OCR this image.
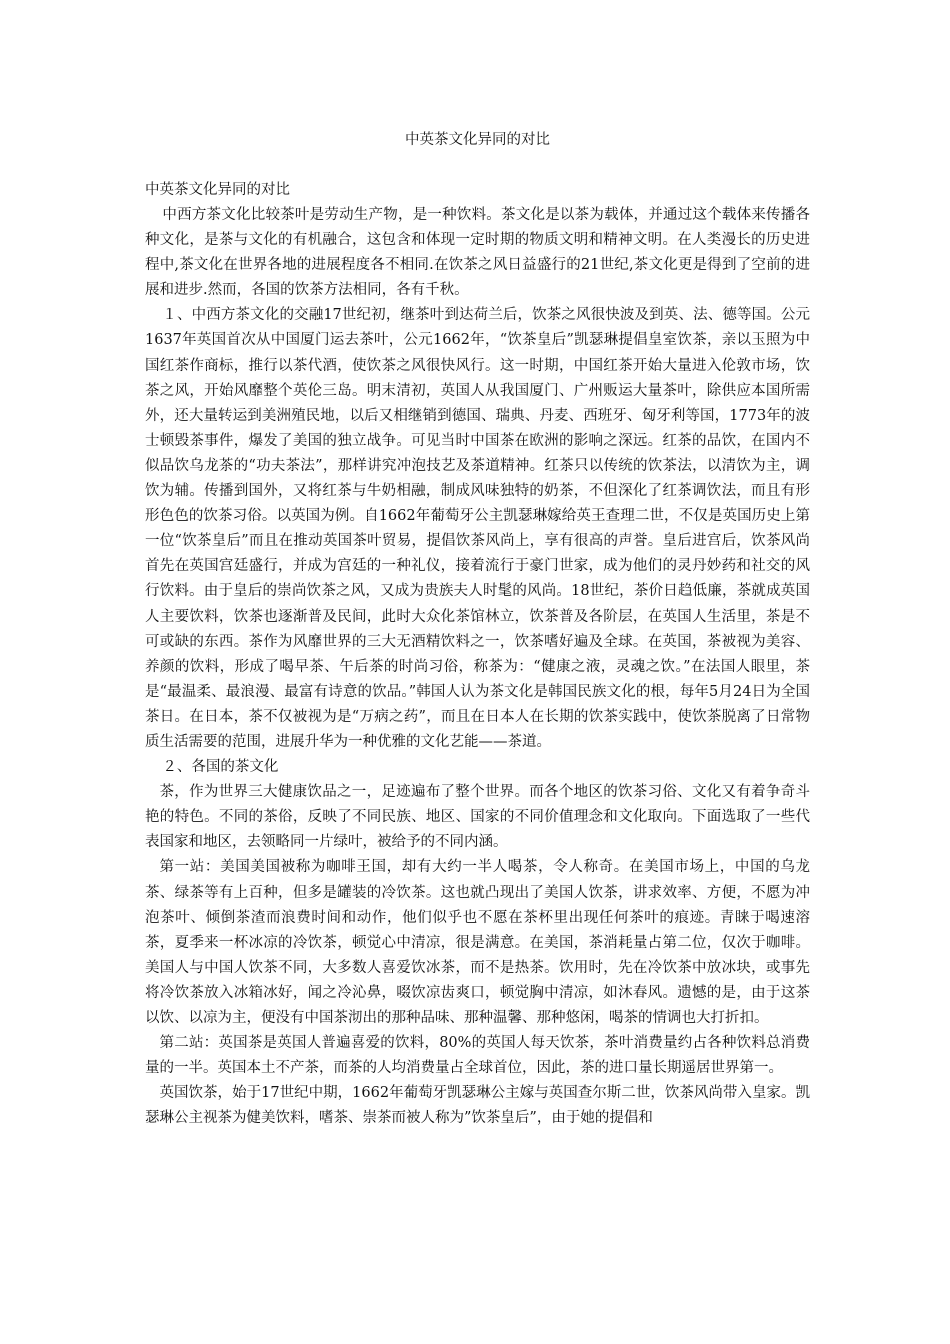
中英茶文化异同的对比
中英茶文化异同的对比

中西方茶文化比较茶叶是劳动生产物，是一种饮料。茶文化是以茶为载体，并通过这个载体来传播各种文化，是茶与文化的有机融合，这包含和体现一定时期的物质文明和精神文明。在人类漫长的历史进程中,茶文化在世界各地的进展程度各不相同.在饮茶之风日益盛行的21世纪,茶文化更是得到了空前的进展和进步.然而，各国的饮茶方法相同，各有千秋。

１、中西方茶文化的交融17世纪初，继茶叶到达荷兰后，饮茶之风很快波及到英、法、德等国。公元1637年英国首次从中国厦门运去茶叶，公元1662年，“饮茶皇后”凯瑟琳提倡皇室饮茶，亲以玉照为中国红茶作商标，推行以茶代酒，使饮茶之风很快风行。这一时期，中国红茶开始大量进入伦敦市场，饮茶之风，开始风靡整个英伦三岛。明末清初，英国人从我国厦门、广州贩运大量茶叶，除供应本国所需外，还大量转运到美洲殖民地，以后又相继销到德国、瑞典、丹麦、西班牙、匈牙利等国，1773年的波士顿毁茶事件，爆发了美国的独立战争。可见当时中国茶在欧洲的影响之深远。红茶的品饮，在国内不似品饮乌龙茶的“功夫茶法”，那样讲究冲泡技艺及茶道精神。红茶只以传统的饮茶法，以清饮为主，调饮为辅。传播到国外，又将红茶与牛奶相融，制成风味独特的奶茶，不但深化了红茶调饮法，而且有形形色色的饮茶习俗。以英国为例。自1662年葡萄牙公主凯瑟琳嫁给英王查理二世，不仅是英国历史上第一位“饮茶皇后”而且在推动英国茶叶贸易，提倡饮茶风尚上，享有很高的声誉。皇后进宫后，饮茶风尚首先在英国宫廷盛行，并成为宫廷的一种礼仪，接着流行于豪门世家，成为他们的灵丹妙药和社交的风行饮料。由于皇后的崇尚饮茶之风，又成为贵族夫人时髦的风尚。18世纪，茶价日趋低廉，茶就成英国人主要饮料，饮茶也逐渐普及民间，此时大众化茶馆林立，饮茶普及各阶层，在英国人生活里，茶是不可或缺的东西。茶作为风靡世界的三大无酒精饮料之一，饮茶嗜好遍及全球。在英国，茶被视为美容、养颜的饮料，形成了喝早茶、午后茶的时尚习俗，称茶为：“健康之液，灵魂之饮。”在法国人眼里，茶是“最温柔、最浪漫、最富有诗意的饮品。”韩国人认为茶文化是韩国民族文化的根，每年5月24日为全国茶日。在日本，茶不仅被视为是“万病之药”，而且在日本人在长期的饮茶实践中，使饮茶脱离了日常物质生活需要的范围，进展升华为一种优雅的文化艺能——茶道。

２、各国的茶文化

茶，作为世界三大健康饮品之一，足迹遍布了整个世界。而各个地区的饮茶习俗、文化又有着争奇斗艳的特色。不同的茶俗，反映了不同民族、地区、国家的不同价值理念和文化取向。下面选取了一些代表国家和地区，去领略同一片绿叶，被给予的不同内涵。

第一站：美国美国被称为咖啡王国，却有大约一半人喝茶，令人称奇。在美国市场上，中国的乌龙茶、绿茶等有上百种，但多是罐装的冷饮茶。这也就凸现出了美国人饮茶，讲求效率、方便，不愿为冲泡茶叶、倾倒茶渣而浪费时间和动作，他们似乎也不愿在茶杯里出现任何茶叶的痕迹。青睐于喝速溶茶，夏季来一杯冰凉的冷饮茶，顿觉心中清凉，很是满意。在美国，茶消耗量占第二位，仅次于咖啡。美国人与中国人饮茶不同，大多数人喜爱饮冰茶，而不是热茶。饮用时，先在冷饮茶中放冰块，或事先将冷饮茶放入冰箱冰好，闻之冷沁鼻，啜饮凉齿爽口，顿觉胸中清凉，如沐春风。遗憾的是，由于这茶以饮、以凉为主，便没有中国茶沏出的那种品味、那种温馨、那种悠闲，喝茶的情调也大打折扣。

第二站：英国茶是英国人普遍喜爱的饮料，80%的英国人每天饮茶，茶叶消费量约占各种饮料总消费量的一半。英国本土不产茶，而茶的人均消费量占全球首位，因此，茶的进口量长期遥居世界第一。

英国饮茶，始于17世纪中期，1662年葡萄牙凯瑟琳公主嫁与英国查尔斯二世，饮茶风尚带入皇家。凯瑟琳公主视茶为健美饮料，嗜茶、崇茶而被人称为”饮茶皇后”，由于她的提倡和
